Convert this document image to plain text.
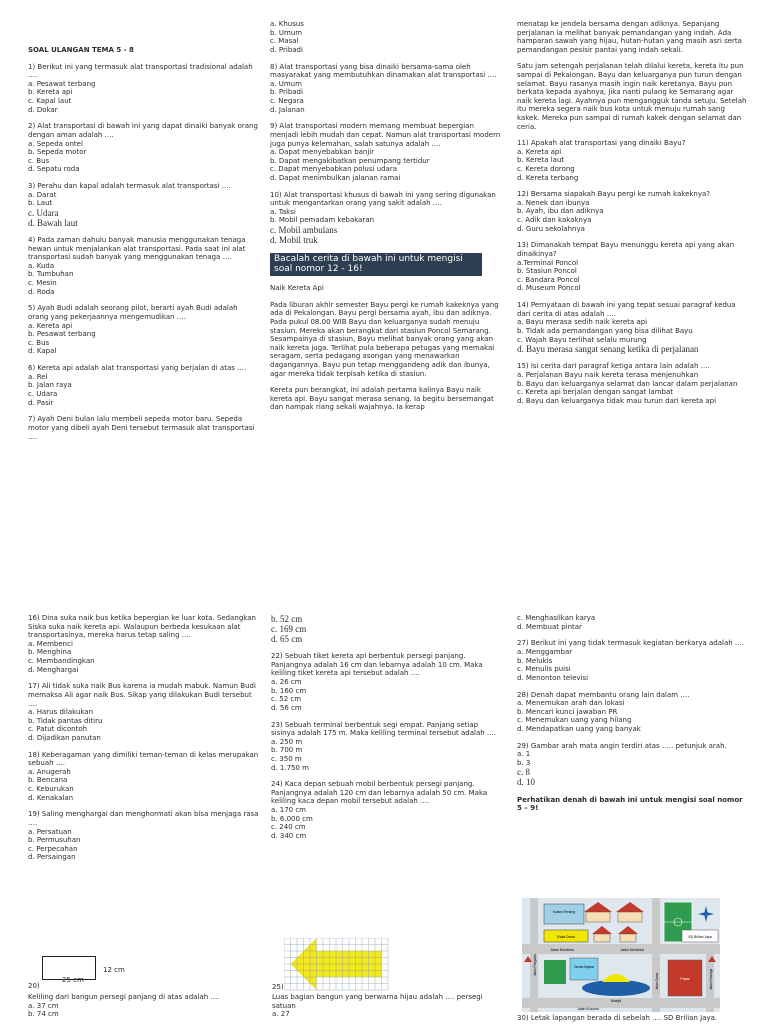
SOAL ULANGAN TEMA 5 - 8
1) Berikut ini yang termasuk alat transportasi tradisional adalah ….
a. Pesawat terbang
b. Kereta api
c. Kapal laut
d. Dokar
2) Alat transportasi di bawah ini yang dapat dinaiki banyak orang dengan aman adalah ….
a. Sepeda ontel
b. Sepeda motor
c. Bus
d. Sepatu roda
3) Perahu dan kapal adalah termasuk alat transportasi ….
a. Darat
b. Laut
c. Udara
d. Bawah laut
4) Pada zaman dahulu banyak manusia menggunakan tenaga hewan untuk menjalankan alat transportasi. Pada saat ini alat transportasi sudah banyak yang menggunakan tenaga ….
a. Kuda
b. Tumbuhan
c. Mesin
d. Roda
5) Ayah Budi adalah seorang pilot, berarti ayah Budi adalah orang yang pekerjaannya mengemudikan ….
a. Kereta api
b. Pesawat terbang
c. Bus
d. Kapal
6) Kereta api adalah alat transportasi yang berjalan di atas ….
a. Rel
b. Jalan raya
c. Udara
d. Pasir
7) Ayah Deni bulan lalu membeli sepeda motor baru. Sepeda motor yang dibeli ayah Deni tersebut termasuk alat transportasi ….
a. Khusus
b. Umum
c. Masal
d. Pribadi
8) Alat transportasi yang bisa dinaiki bersama-sama oleh masyarakat yang membutuhkan dinamakan alat transportasi ….
a. Umum
b. Pribadi
c. Negara
d. Jalanan
9) Alat transportasi modern memang membuat bepergian menjadi lebih mudah dan cepat. Namun alat transportasi modern juga punya kelemahan, salah satunya adalah ….
a. Dapat menyebabkan banjir
b. Dapat mengakibatkan penumpang tertidur
c. Dapat menyebabkan polusi udara
d. Dapat menimbulkan jalanan ramai
10) Alat transportasi khusus di bawah ini yang sering digunakan untuk mengantarkan orang yang sakit adalah ….
a. Taksi
b. Mobil pemadam kebakaran
c. Mobil ambulans
d. Mobil truk
Bacalah cerita di bawah ini untuk mengisi soal nomor 12 - 16!
Naik Kereta Api
Pada liburan akhir semester Bayu pergi ke rumah kakeknya yang ada di Pekalongan. Bayu pergi bersama ayah, ibu dan adiknya. Pada pukul 08.00 WIB Bayu dan keluarganya sudah menuju stasiun. Mereka akan berangkat dari stasiun Poncol Semarang. Sesampainya di stasiun, Bayu melihat banyak orang yang akan naik kereta juga. Terlihat pula beberapa petugas yang memakai seragam, serta pedagang asongan yang menawarkan dagangannya. Bayu pun tetap menggandeng adik dan ibunya, agar mereka tidak terpisah ketika di stasiun.
Kereta pun berangkat, ini adalah pertama kalinya Bayu naik kereta api. Bayu sangat merasa senang. Ia begitu bersemangat dan nampak riang sekali wajahnya. Ia kerap
menatap ke jendela bersama dengan adiknya. Sepanjang perjalanan ia melihat banyak pemandangan yang indah. Ada hamparan sawah yang hijau, hutan-hutan yang masih asri serta pemandangan pesisir pantai yang indah sekali.
Satu jam setengah perjalanan telah dilalui kereta, kereta itu pun sampai di Pekalongan. Bayu dan keluarganya pun turun dengan selamat. Bayu rasanya masih ingin naik keretanya. Bayu pun berkata kepada ayahnya, jika nanti pulang ke Semarang agar naik kereta lagi. Ayahnya pun mengangguk tanda setuju. Setelah itu mereka segera naik bus kota untuk menuju rumah sang kakek. Mereka pun sampai di rumah kakek dengan selamat dan ceria.
11) Apakah alat transportasi yang dinaiki Bayu?
a. Kereta api
b. Kereta laut
c. Kereta dorong
d. Kereta terbang
12) Bersama siapakah Bayu pergi ke rumah kakeknya?
a. Nenek dan ibunya
b. Ayah, ibu dan adiknya
c. Adik dan kakaknya
d. Guru sekolahnya
13) Dimanakah tempat Bayu menunggu kereta api yang akan dinaikinya?
a.Terminal Poncol
b. Stasiun Poncol
c. Bandara Poncol
d. Museum Poncol
14) Pernyataan di bawah ini yang tepat sesuai paragraf kedua dari cerita di atas adalah ….
a. Bayu merasa sedih naik kereta api
b. Tidak ada pemandangan yang bisa dilihat Bayu
c. Wajah Bayu terlihat selalu murung
d. Bayu merasa sangat senang ketika di perjalanan
15) Isi cerita dari paragraf ketiga antara lain adalah ….
a. Perjalanan Bayu naik kereta terasa menjenuhkan
b. Bayu dan keluarganya selamat dan lancar dalam perjalanan
c. Kereta api berjalan dengan sangat lambat
d. Bayu dan keluarganya tidak mau turun dari kereta api
16) Dina suka naik bus ketika bepergian ke luar kota. Sedangkan Siska suka naik kereta api. Walaupun berbeda kesukaan alat transportasinya, mereka harus tetap saling ….
a. Membenci
b. Menghina
c. Membandingkan
d. Menghargai
17) Ali tidak suka naik Bus karena ia mudah mabuk. Namun Budi memaksa Ali agar naik Bus. Sikap yang dilakukan Budi tersebut ….
a. Harus dilakukan
b. Tidak pantas ditiru
c. Patut dicontoh
d. Dijadikan panutan
18) Keberagaman yang dimiliki teman-teman di kelas merupakan sebuah ….
a. Anugerah
b. Bencana
c. Keburukan
d. Kenakalan
19) Saling menghargai dan menghormati akan bisa menjaga rasa ….
a. Persatuan
b. Permusuhan
c. Perpecahan
d. Persaingan
12 cm
25 cm
20)
Keliling dari bangun persegi panjang di atas adalah ….
a. 37 cm
b. 74 cm
b. 52 cm
c. 169 cm
d. 65 cm
22) Sebuah tiket kereta api berbentuk persegi panjang. Panjangnya adalah 16 cm dan lebarnya adalah 10 cm. Maka keliling tiket kereta api tersebut adalah ….
a. 26 cm
b. 160 cm
c. 52 cm
d. 56 cm
23) Sebuah terminal berbentuk segi empat. Panjang setiap sisinya adalah 175 m. Maka keliling terminal tersebut adalah ….
a. 250 m
b. 700 m
c. 350 m
d. 1.750 m
24) Kaca depan sebuah mobil berbentuk persegi panjang. Panjangnya adalah 120 cm dan lebarnya adalah 50 cm. Maka keliling kaca depan mobil tersebut adalah ….
a. 170 cm
b. 6.000 cm
c. 240 cm
d. 340 cm
25)
Luas bagian bangun yang berwarna hijau adalah …. persegi satuan
a. 27
c. Menghasilkan karya
d. Membuat pintar
27) Berikut ini yang tidak termasuk kegiatan berkarya adalah ….
a. Menggambar
b. Melukis
c. Menulis puisi
d. Menonton televisi
28) Denah dapat membantu orang lain dalam ….
a. Menemukan arah dan lokasi
b. Mencari kunci jawaban PR
c. Menemukan uang yang hilang
d. Mendapatkan uang yang banyak
29) Gambar arah mata angin terdiri atas ….. petunjuk arah.
a. 1
b. 3
c. 8
d. 10
Perhatikan denah di bawah ini untuk mengisi soal nomor 5 – 9!
Kolam Renang
Balai Desa	SD Brilian Jaya
Jalan Merdeka	Jalan Merdeka
Taman Kajane
Masjid
Pasar
Jalan Kusuma
Jalan Pengasih
Jalan Gardu	Jalan Kenanga
30) Letak lapangan berada di sebelah …. SD Brilian Jaya.
